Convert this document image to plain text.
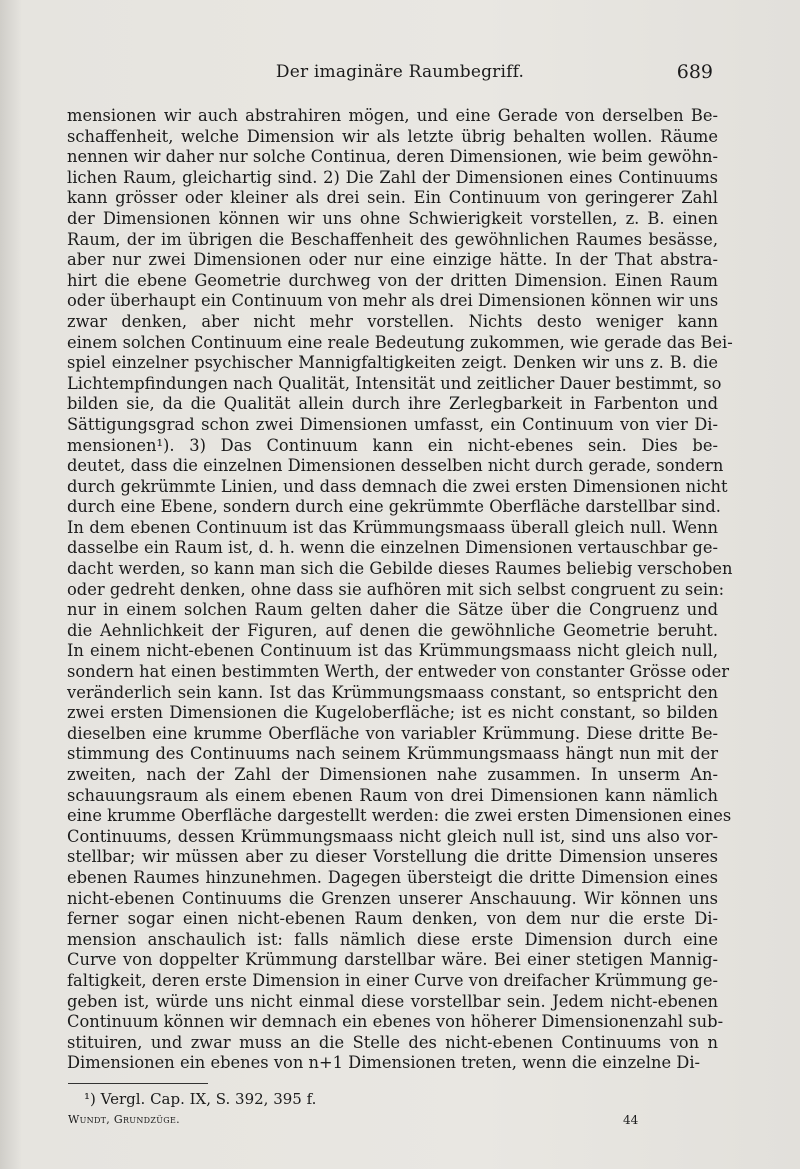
Der imaginäre Raumbegriff.	689
mensionen wir auch abstrahiren mögen, und eine Gerade von derselben Be-
schaffenheit, welche Dimension wir als letzte übrig behalten wollen. Räume
nennen wir daher nur solche Continua, deren Dimensionen, wie beim gewöhn-
lichen Raum, gleichartig sind. 2) Die Zahl der Dimensionen eines Continuums
kann grösser oder kleiner als drei sein. Ein Continuum von geringerer Zahl
der Dimensionen können wir uns ohne Schwierigkeit vorstellen, z. B. einen
Raum, der im übrigen die Beschaffenheit des gewöhnlichen Raumes besässe,
aber nur zwei Dimensionen oder nur eine einzige hätte. In der That abstra-
hirt die ebene Geometrie durchweg von der dritten Dimension. Einen Raum
oder überhaupt ein Continuum von mehr als drei Dimensionen können wir uns
zwar denken, aber nicht mehr vorstellen. Nichts desto weniger kann
einem solchen Continuum eine reale Bedeutung zukommen, wie gerade das Bei-
spiel einzelner psychischer Mannigfaltigkeiten zeigt. Denken wir uns z. B. die
Lichtempfindungen nach Qualität, Intensität und zeitlicher Dauer bestimmt, so
bilden sie, da die Qualität allein durch ihre Zerlegbarkeit in Farbenton und
Sättigungsgrad schon zwei Dimensionen umfasst, ein Continuum von vier Di-
mensionen¹). 3) Das Continuum kann ein nicht-ebenes sein. Dies be-
deutet, dass die einzelnen Dimensionen desselben nicht durch gerade, sondern
durch gekrümmte Linien, und dass demnach die zwei ersten Dimensionen nicht
durch eine Ebene, sondern durch eine gekrümmte Oberfläche darstellbar sind.
In dem ebenen Continuum ist das Krümmungsmaass überall gleich null. Wenn
dasselbe ein Raum ist, d. h. wenn die einzelnen Dimensionen vertauschbar ge-
dacht werden, so kann man sich die Gebilde dieses Raumes beliebig verschoben
oder gedreht denken, ohne dass sie aufhören mit sich selbst congruent zu sein:
nur in einem solchen Raum gelten daher die Sätze über die Congruenz und
die Aehnlichkeit der Figuren, auf denen die gewöhnliche Geometrie beruht.
In einem nicht-ebenen Continuum ist das Krümmungsmaass nicht gleich null,
sondern hat einen bestimmten Werth, der entweder von constanter Grösse oder
veränderlich sein kann. Ist das Krümmungsmaass constant, so entspricht den
zwei ersten Dimensionen die Kugeloberfläche; ist es nicht constant, so bilden
dieselben eine krumme Oberfläche von variabler Krümmung. Diese dritte Be-
stimmung des Continuums nach seinem Krümmungsmaass hängt nun mit der
zweiten, nach der Zahl der Dimensionen nahe zusammen. In unserm An-
schauungsraum als einem ebenen Raum von drei Dimensionen kann nämlich
eine krumme Oberfläche dargestellt werden: die zwei ersten Dimensionen eines
Continuums, dessen Krümmungsmaass nicht gleich null ist, sind uns also vor-
stellbar; wir müssen aber zu dieser Vorstellung die dritte Dimension unseres
ebenen Raumes hinzunehmen. Dagegen übersteigt die dritte Dimension eines
nicht-ebenen Continuums die Grenzen unserer Anschauung. Wir können uns
ferner sogar einen nicht-ebenen Raum denken, von dem nur die erste Di-
mension anschaulich ist: falls nämlich diese erste Dimension durch eine
Curve von doppelter Krümmung darstellbar wäre. Bei einer stetigen Mannig-
faltigkeit, deren erste Dimension in einer Curve von dreifacher Krümmung ge-
geben ist, würde uns nicht einmal diese vorstellbar sein. Jedem nicht-ebenen
Continuum können wir demnach ein ebenes von höherer Dimensionenzahl sub-
stituiren, und zwar muss an die Stelle des nicht-ebenen Continuums von n
Dimensionen ein ebenes von n+1 Dimensionen treten, wenn die einzelne Di-
¹) Vergl. Cap. IX, S. 392, 395 f.
Wundt, Grundzüge.	44
